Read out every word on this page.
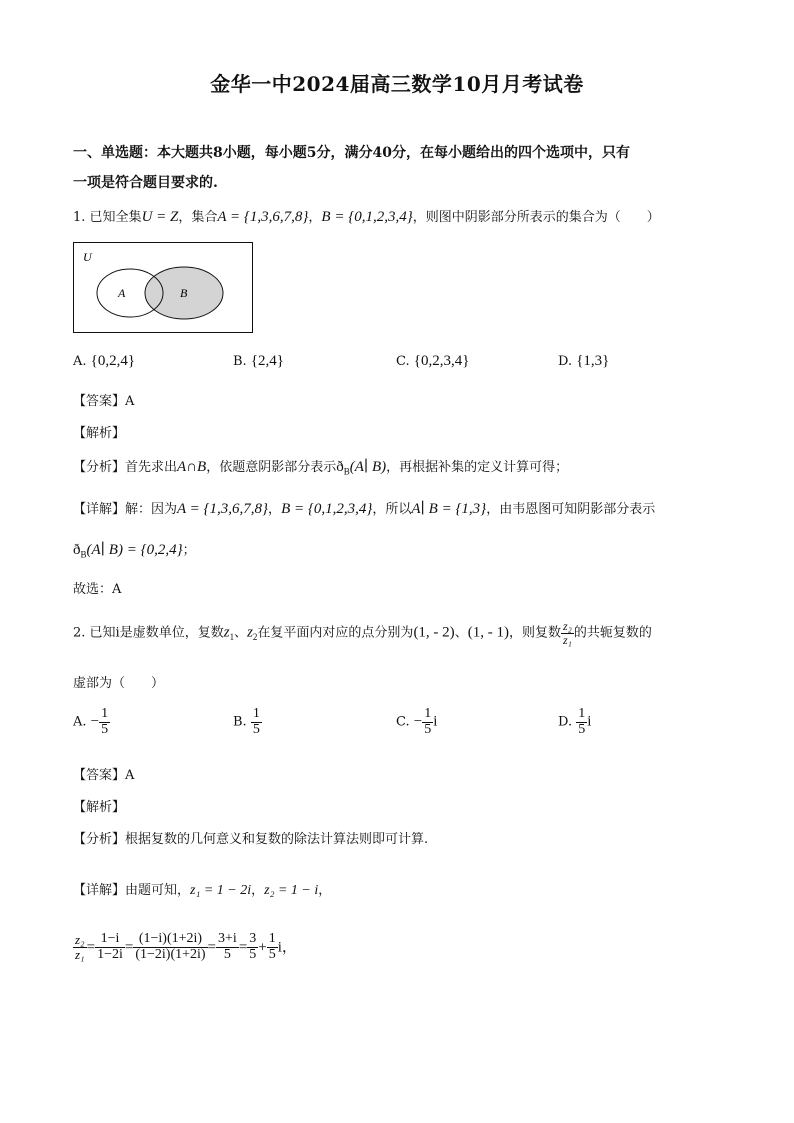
金华一中2024届高三数学10月月考试卷
一、单选题：本大题共8小题，每小题5分，满分40分，在每小题给出的四个选项中，只有
一项是符合题目要求的.
1. 已知全集U = Z，集合A = {1,3,6,7,8}，B = {0,1,2,3,4}，则图中阴影部分所表示的集合为（　　）
U
A	B
A. {0,2,4}	B. {2,4}	C. {0,2,3,4}	D. {1,3}
【答案】A
【解析】
【分析】首先求出A∩B，依题意阴影部分表示$ð_B(A∣$ B)，再根据补集的定义计算可得；
【详解】解：因为A = {1,3,6,7,8}，B = {0,1,2,3,4}，所以A∣ B = {1,3}，由韦恩图可知阴影部分表示
$ð_B(A∣$ B) = {0,2,4}；
故选：A
2. 已知i是虚数单位，复数$z_1$、$z_2$在复平面内对应的点分别为(1, - 2)、(1, - 1)，则复数 $\frac{\text{z₂}}{\text{z₁}}$ 的共轭复数的
虚部为（　　）
A. − $\frac{1}{5}$	B. $\frac{1}{5}$	C. − $\frac{1}{5}$ i	D. $\frac{1}{5}$ i
【答案】A
【解析】
【分析】根据复数的几何意义和复数的除法计算法则即可计算.
【详解】由题可知，z₁ = 1 − 2i，z₂ = 1 − i，
$\frac{\text{z₂}}{\text{z₁}} = \frac{1-i}{1-2i} = \frac{(1-i)(1+2i)}{(1-2i)(1+2i)} = \frac{3+i}{5} = \frac{3}{5} + \frac{1}{5}$ i，
